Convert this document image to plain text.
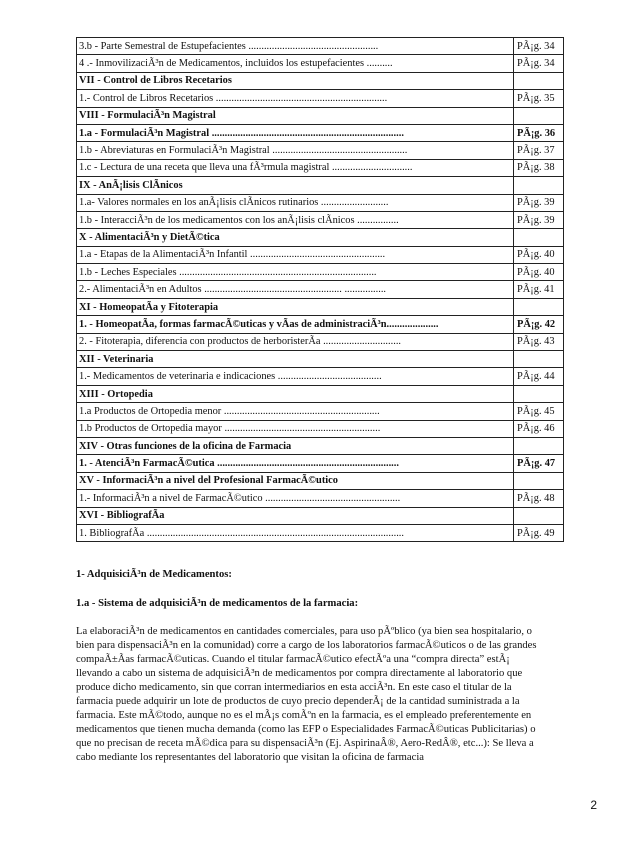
3.b - Parte Semestral de Estupefacientes ..................................................	PÃ¡g. 34
4 .- InmovilizaciÃ³n de Medicamentos, incluidos los estupefacientes ..........	PÃ¡g. 34
VII - Control de Libros Recetarios	
1.- Control de Libros Recetarios ..................................................................	PÃ¡g. 35
VIII - FormulaciÃ³n Magistral	
1.a - FormulaciÃ³n Magistral ..........................................................................	PÃ¡g. 36
1.b - Abreviaturas en FormulaciÃ³n Magistral ....................................................	PÃ¡g. 37
1.c - Lectura de una receta que lleva una fÃ³rmula magistral ...............................	PÃ¡g. 38
IX - AnÃ¡lisis ClÃnicos	
1.a- Valores normales en los anÃ¡lisis clÃnicos rutinarios ..........................	PÃ¡g. 39
1.b - InteracciÃ³n de los medicamentos con los anÃ¡lisis clÃnicos ................	PÃ¡g. 39
X - AlimentaciÃ³n y DietÃ©tica	
1.a - Etapas de la AlimentaciÃ³n Infantil ....................................................	PÃ¡g. 40
1.b - Leches Especiales ............................................................................	PÃ¡g. 40
2.- AlimentaciÃ³n en Adultos ..................................................... ................	PÃ¡g. 41
XI - HomeopatÃa y Fitoterapia	
1. - HomeopatÃa, formas farmacÃ©uticas y vÃas de administraciÃ³n....................	PÃ¡g. 42
2. - Fitoterapia, diferencia con productos de herboristerÃa ..............................	PÃ¡g. 43
XII - Veterinaria	
1.- Medicamentos de veterinaria e indicaciones ........................................	PÃ¡g. 44
XIII - Ortopedia	
1.a Productos de Ortopedia menor ............................................................	PÃ¡g. 45
1.b Productos de Ortopedia mayor ............................................................	PÃ¡g. 46
XIV - Otras funciones de la oficina de Farmacia	
1. - AtenciÃ³n FarmacÃ©utica ......................................................................	PÃ¡g. 47
XV - InformaciÃ³n a nivel del Profesional FarmacÃ©utico	
1.- InformaciÃ³n a nivel de FarmacÃ©utico ....................................................	PÃ¡g. 48
XVI - BibliografÃa	
1. BibliografÃa ...................................................................................................	PÃ¡g. 49

1- AdquisiciÃ³n de Medicamentos:

1.a - Sistema de adquisiciÃ³n de medicamentos de la farmacia:

La elaboraciÃ³n de medicamentos en cantidades comerciales, para uso pÃºblico (ya bien sea hospitalario, o
bien para dispensaciÃ³n en la comunidad) corre a cargo de los laboratorios farmacÃ©uticos o de las grandes
compaÃ±Ãas farmacÃ©uticas. Cuando el titular farmacÃ©utico efectÃºa una “compra directa” estÃ¡
llevando a cabo un sistema de adquisiciÃ³n de medicamentos por compra directamente al laboratorio que
produce dicho medicamento, sin que corran intermediarios en esta acciÃ³n. En este caso el titular de la
farmacia puede adquirir un lote de productos de cuyo precio dependerÃ¡ de la cantidad suministrada a la
farmacia. Este mÃ©todo, aunque no es el mÃ¡s comÃºn en la farmacia, es el empleado preferentemente en
medicamentos que tienen mucha demanda (como las EFP o Especialidades FarmacÃ©uticas Publicitarias) o
que no precisan de receta mÃ©dica para su dispensaciÃ³n (Ej. AspirinaÂ®, Aero-RedÂ®, etc...): Se lleva a
cabo mediante los representantes del laboratorio que visitan la oficina de farmacia

2
